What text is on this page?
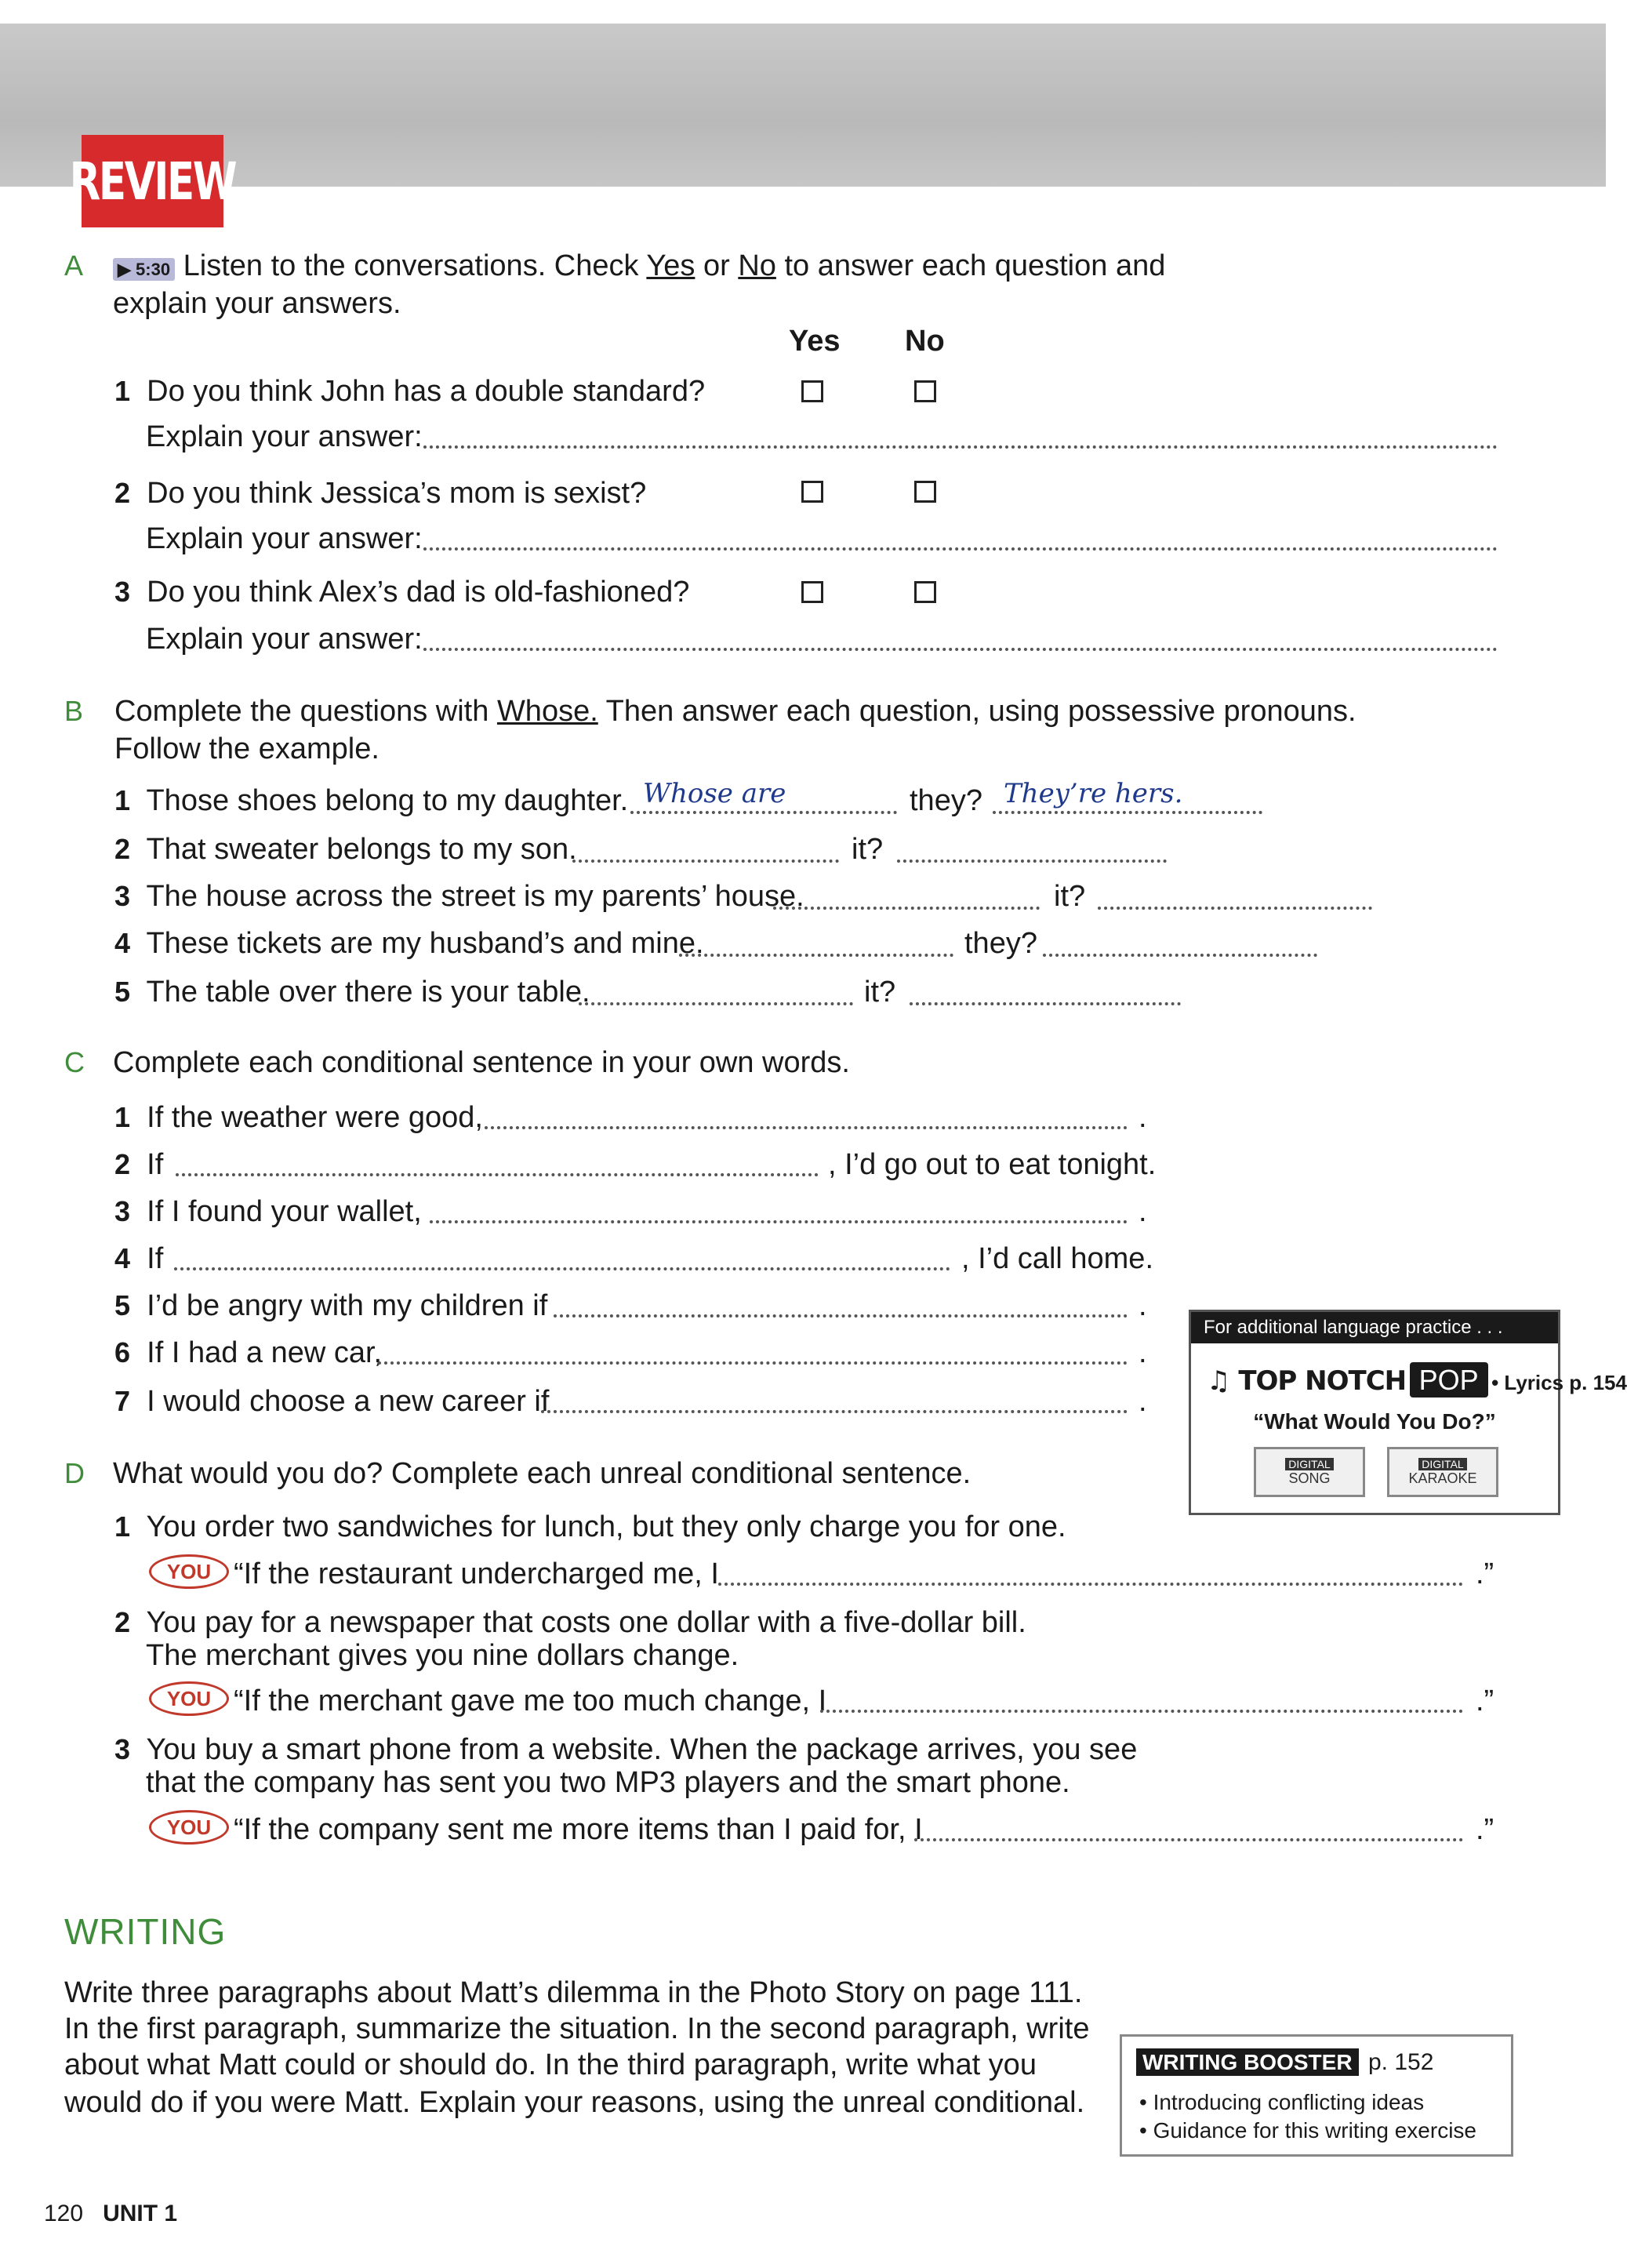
REVIEW
A ▶ 5:30 Listen to the conversations. Check Yes or No to answer each question and
explain your answers.
Yes No
1 Do you think John has a double standard?
Explain your answer:
2 Do you think Jessica’s mom is sexist?
Explain your answer:
3 Do you think Alex’s dad is old-fashioned?
Explain your answer:
B Complete the questions with Whose. Then answer each question, using possessive pronouns.
Follow the example.
1 Those shoes belong to my daughter. Whose are	they? They’re hers.
2 That sweater belongs to my son.	it?
3 The house across the street is my parents’ house.	it?
4 These tickets are my husband’s and mine.	they?
5 The table over there is your table.	it?
C Complete each conditional sentence in your own words.
1 If the weather were good,	.
2 If	, I’d go out to eat tonight.
3 If I found your wallet,	.
4 If	, I’d call home.
5 I’d be angry with my children if	.
6 If I had a new car,	.
7 I would choose a new career if	.
For additional language practice . . .
♫ TOP NOTCH POP • Lyrics p. 154
“What Would You Do?”
DIGITAL
SONG
DIGITAL
KARAOKE
D What would you do? Complete each unreal conditional sentence.
1 You order two sandwiches for lunch, but they only charge you for one.
YOU “If the restaurant undercharged me, I	.”
2 You pay for a newspaper that costs one dollar with a five-dollar bill.
The merchant gives you nine dollars change.
YOU “If the merchant gave me too much change, I	.”
3 You buy a smart phone from a website. When the package arrives, you see
that the company has sent you two MP3 players and the smart phone.
YOU “If the company sent me more items than I paid for, I	.”
WRITING
Write three paragraphs about Matt’s dilemma in the Photo Story on page 111.
In the first paragraph, summarize the situation. In the second paragraph, write
about what Matt could or should do. In the third paragraph, write what you
would do if you were Matt. Explain your reasons, using the unreal conditional.
WRITING BOOSTER p. 152
• Introducing conflicting ideas
• Guidance for this writing exercise
120 UNIT 1
